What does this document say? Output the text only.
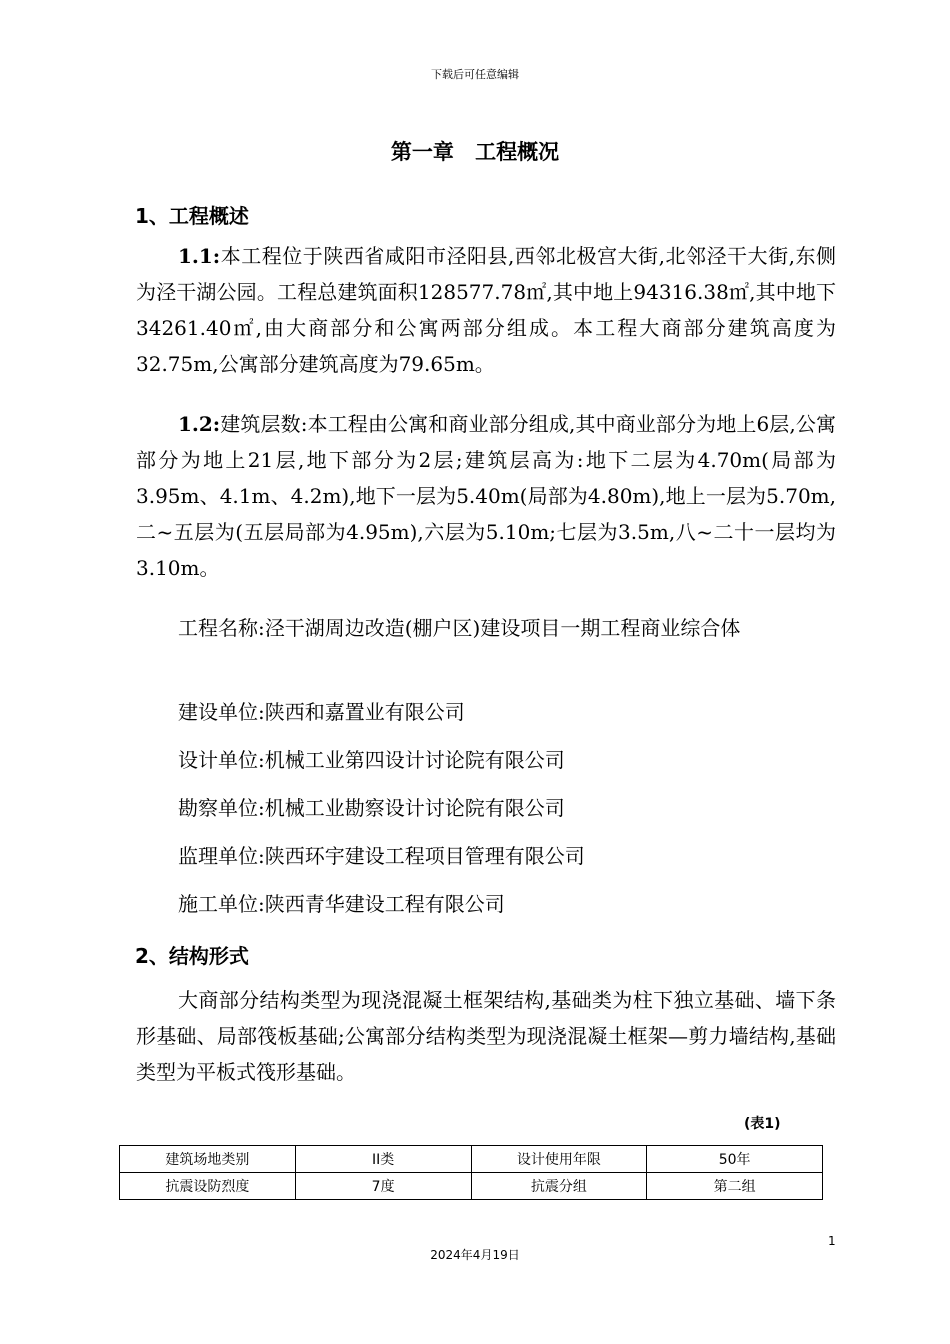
下载后可任意编辑
第一章 工程概况
1、工程概述
1.1:本工程位于陕西省咸阳市泾阳县,西邻北极宫大街,北邻泾干大街,东侧为泾干湖公园。工程总建筑面积128577.78㎡,其中地上94316.38㎡,其中地下34261.40㎡,由大商部分和公寓两部分组成。本工程大商部分建筑高度为32.75m,公寓部分建筑高度为79.65m。
1.2:建筑层数:本工程由公寓和商业部分组成,其中商业部分为地上6层,公寓部分为地上21层,地下部分为2层;建筑层高为:地下二层为4.70m(局部为3.95m、4.1m、4.2m),地下一层为5.40m(局部为4.80m),地上一层为5.70m,二~五层为(五层局部为4.95m),六层为5.10m;七层为3.5m,八~二十一层均为3.10m。
工程名称:泾干湖周边改造(棚户区)建设项目一期工程商业综合体
建设单位:陕西和嘉置业有限公司
设计单位:机械工业第四设计讨论院有限公司
勘察单位:机械工业勘察设计讨论院有限公司
监理单位:陕西环宇建设工程项目管理有限公司
施工单位:陕西青华建设工程有限公司
2、结构形式
大商部分结构类型为现浇混凝土框架结构,基础类为柱下独立基础、墙下条形基础、局部筏板基础;公寓部分结构类型为现浇混凝土框架—剪力墙结构,基础类型为平板式筏形基础。
(表1)
建筑场地类别	II类	设计使用年限	50年
抗震设防烈度	7度	抗震分组	第二组
1
2024年4月19日
